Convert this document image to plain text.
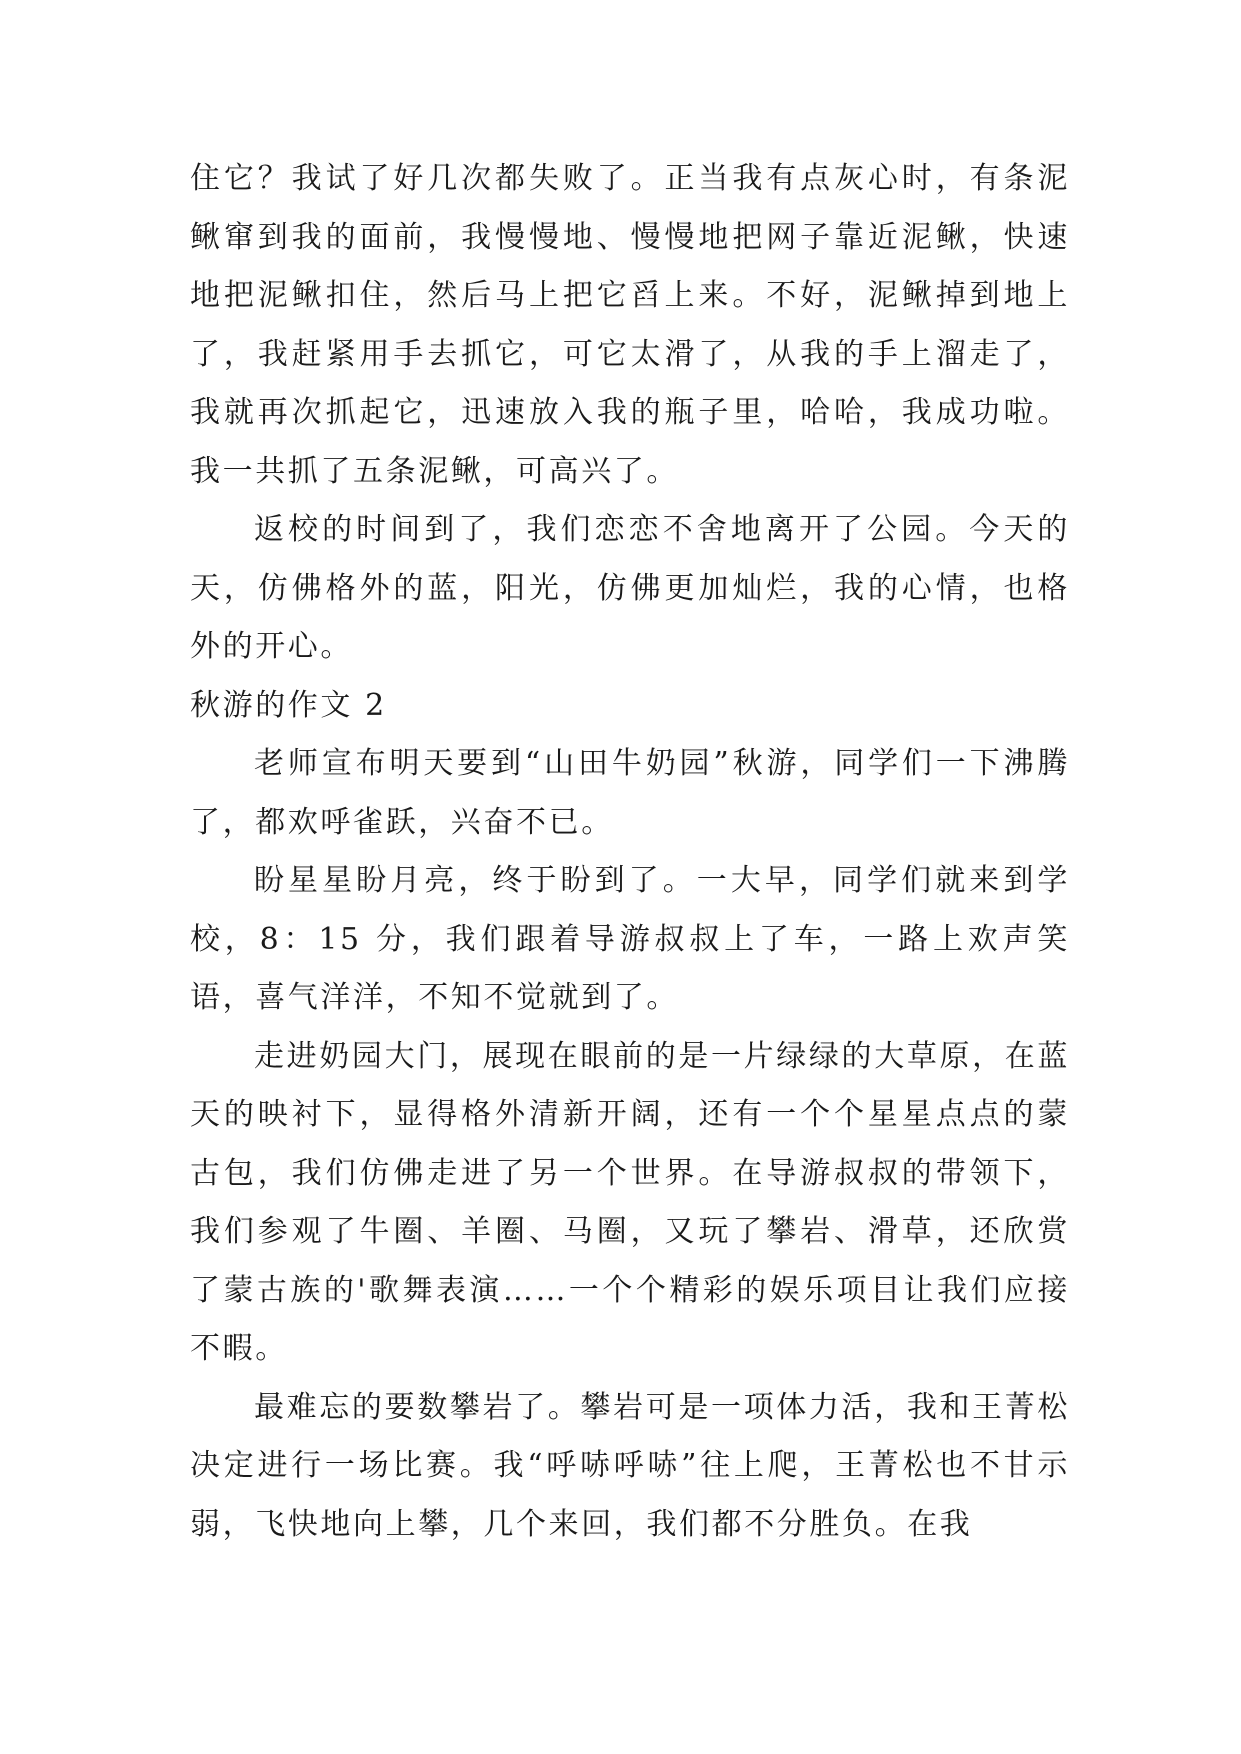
住它？我试了好几次都失败了。正当我有点灰心时，有条泥鳅窜到我的面前，我慢慢地、慢慢地把网子靠近泥鳅，快速地把泥鳅扣住，然后马上把它舀上来。不好，泥鳅掉到地上了，我赶紧用手去抓它，可它太滑了，从我的手上溜走了，我就再次抓起它，迅速放入我的瓶子里，哈哈，我成功啦。我一共抓了五条泥鳅，可高兴了。

返校的时间到了，我们恋恋不舍地离开了公园。今天的天，仿佛格外的蓝，阳光，仿佛更加灿烂，我的心情，也格外的开心。

秋游的作文 2

老师宣布明天要到“山田牛奶园”秋游，同学们一下沸腾了，都欢呼雀跃，兴奋不已。

盼星星盼月亮，终于盼到了。一大早，同学们就来到学校，8：15 分，我们跟着导游叔叔上了车，一路上欢声笑语，喜气洋洋，不知不觉就到了。

走进奶园大门，展现在眼前的是一片绿绿的大草原，在蓝天的映衬下，显得格外清新开阔，还有一个个星星点点的蒙古包，我们仿佛走进了另一个世界。在导游叔叔的带领下，我们参观了牛圈、羊圈、马圈，又玩了攀岩、滑草，还欣赏了蒙古族的'歌舞表演……一个个精彩的娱乐项目让我们应接不暇。

最难忘的要数攀岩了。攀岩可是一项体力活，我和王菁松决定进行一场比赛。我“呼哧呼哧”往上爬，王菁松也不甘示弱，飞快地向上攀，几个来回，我们都不分胜负。在我
